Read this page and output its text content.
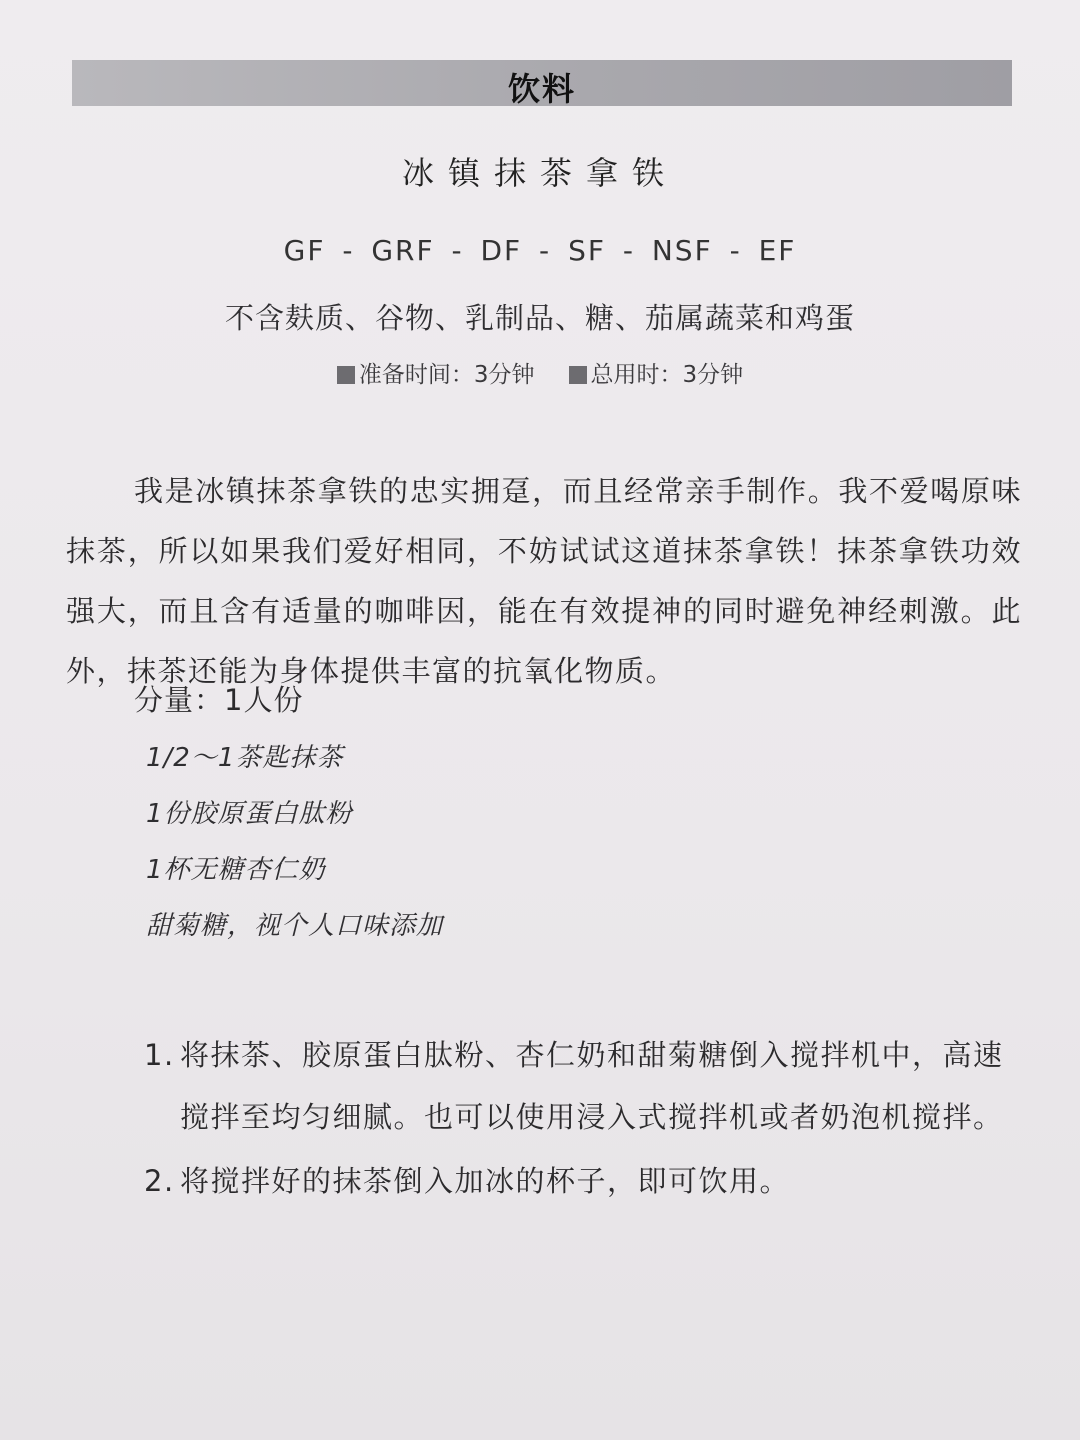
饮料
冰镇抹茶拿铁
GF - GRF - DF - SF - NSF - EF
不含麸质、谷物、乳制品、糖、茄属蔬菜和鸡蛋
准备时间：3分钟 总用时：3分钟

我是冰镇抹茶拿铁的忠实拥趸，而且经常亲手制作。我不爱喝原味抹茶，所以如果我们爱好相同，不妨试试这道抹茶拿铁！抹茶拿铁功效强大，而且含有适量的咖啡因，能在有效提神的同时避免神经刺激。此外，抹茶还能为身体提供丰富的抗氧化物质。

分量：1人份
1/2～1茶匙抹茶
1份胶原蛋白肽粉
1杯无糖杏仁奶
甜菊糖，视个人口味添加
1. 将抹茶、胶原蛋白肽粉、杏仁奶和甜菊糖倒入搅拌机中，高速搅拌至均匀细腻。也可以使用浸入式搅拌机或者奶泡机搅拌。
2. 将搅拌好的抹茶倒入加冰的杯子，即可饮用。
